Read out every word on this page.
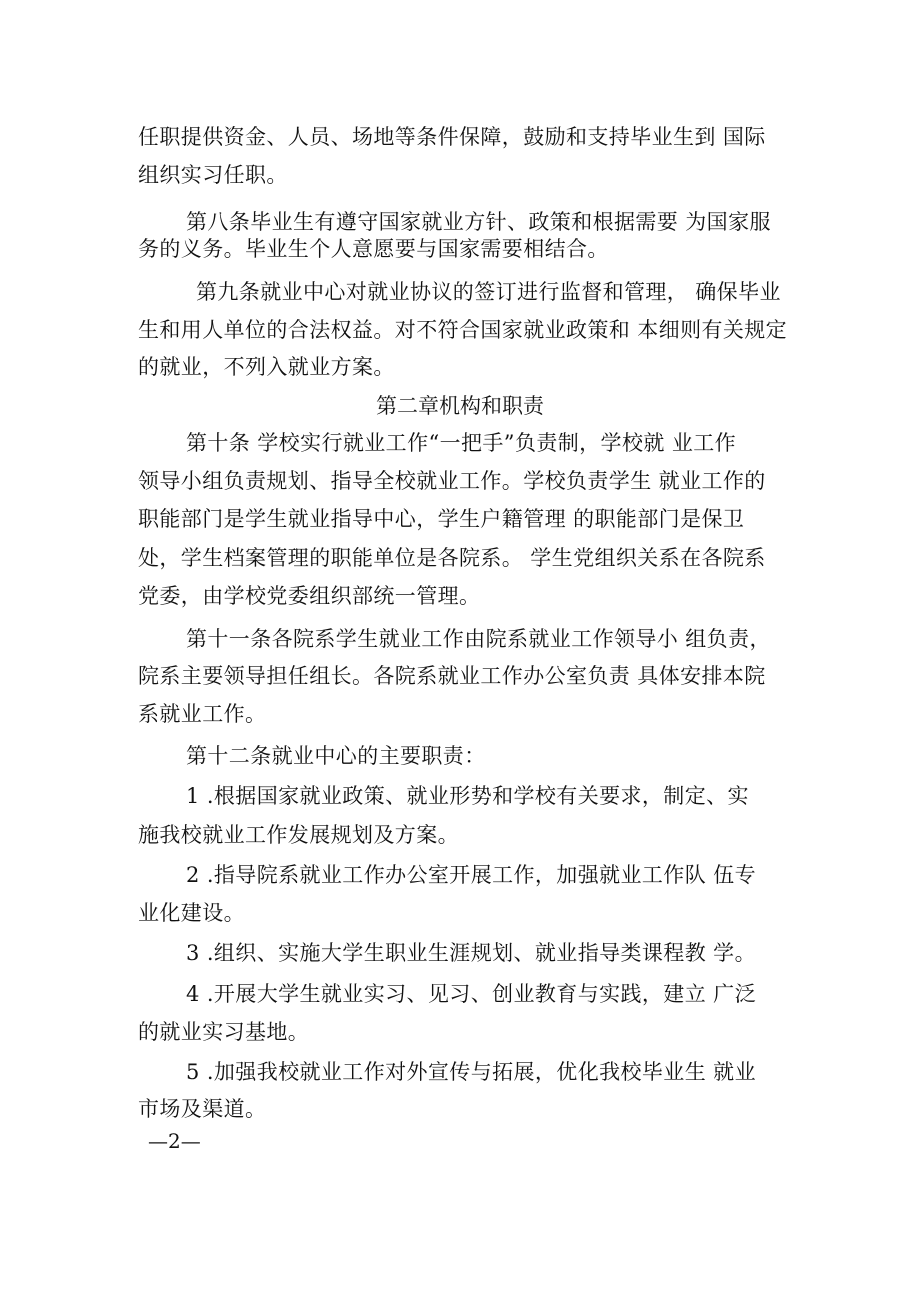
任职提供资金、人员、场地等条件保障，鼓励和支持毕业生到 国际
组织实习任职。
第八条毕业生有遵守国家就业方针、政策和根据需要 为国家服
务的义务。毕业生个人意愿要与国家需要相结合。
第九条就业中心对就业协议的签订进行监督和管理， 确保毕业
生和用人单位的合法权益。对不符合国家就业政策和 本细则有关规定
的就业，不列入就业方案。
第二章机构和职责
第十条 学校实行就业工作“一把手”负责制，学校就 业工作
领导小组负责规划、指导全校就业工作。学校负责学生 就业工作的
职能部门是学生就业指导中心，学生户籍管理 的职能部门是保卫
处，学生档案管理的职能单位是各院系。 学生党组织关系在各院系
党委，由学校党委组织部统一管理。
第十一条各院系学生就业工作由院系就业工作领导小 组负责，
院系主要领导担任组长。各院系就业工作办公室负责 具体安排本院
系就业工作。
第十二条就业中心的主要职责：
1 .根据国家就业政策、就业形势和学校有关要求，制定、实
施我校就业工作发展规划及方案。
2 .指导院系就业工作办公室开展工作，加强就业工作队 伍专
业化建设。
3 .组织、实施大学生职业生涯规划、就业指导类课程教 学。
4 .开展大学生就业实习、见习、创业教育与实践，建立 广泛
的就业实习基地。
5 .加强我校就业工作对外宣传与拓展，优化我校毕业生 就业
市场及渠道。
—2—
